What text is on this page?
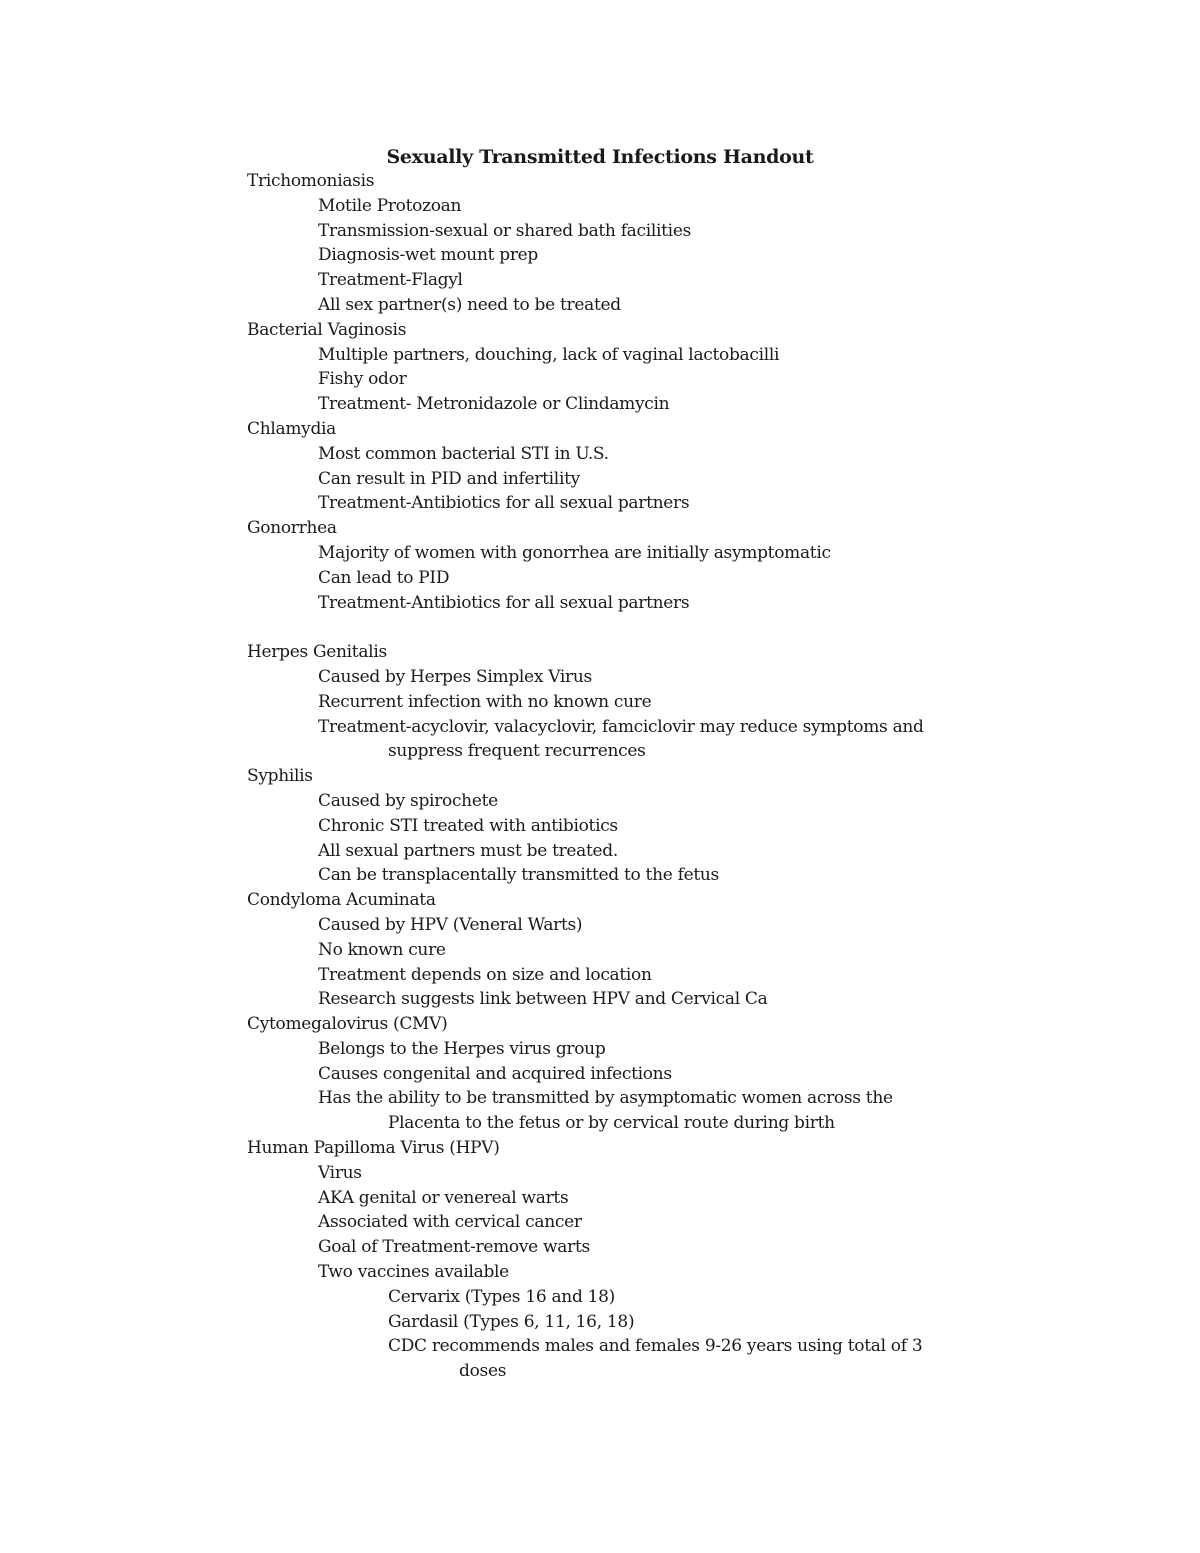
Sexually Transmitted Infections Handout
Trichomoniasis
Motile Protozoan
Transmission-sexual or shared bath facilities
Diagnosis-wet mount prep
Treatment-Flagyl
All sex partner(s) need to be treated
Bacterial Vaginosis
Multiple partners, douching, lack of vaginal lactobacilli
Fishy odor
Treatment- Metronidazole or Clindamycin
Chlamydia
Most common bacterial STI in U.S.
Can result in PID and infertility
Treatment-Antibiotics for all sexual partners
Gonorrhea
Majority of women with gonorrhea are initially asymptomatic
Can lead to PID
Treatment-Antibiotics for all sexual partners
Herpes Genitalis
Caused by Herpes Simplex Virus
Recurrent infection with no known cure
Treatment-acyclovir, valacyclovir, famciclovir may reduce symptoms and
suppress frequent recurrences
Syphilis
Caused by spirochete
Chronic STI treated with antibiotics
All sexual partners must be treated.
Can be transplacentally transmitted to the fetus
Condyloma Acuminata
Caused by HPV (Veneral Warts)
No known cure
Treatment depends on size and location
Research suggests link between HPV and Cervical Ca
Cytomegalovirus (CMV)
Belongs to the Herpes virus group
Causes congenital and acquired infections
Has the ability to be transmitted by asymptomatic women across the
Placenta to the fetus or by cervical route during birth
Human Papilloma Virus (HPV)
Virus
AKA genital or venereal warts
Associated with cervical cancer
Goal of Treatment-remove warts
Two vaccines available
Cervarix (Types 16 and 18)
Gardasil (Types 6, 11, 16, 18)
CDC recommends males and females 9-26 years using total of 3
doses
